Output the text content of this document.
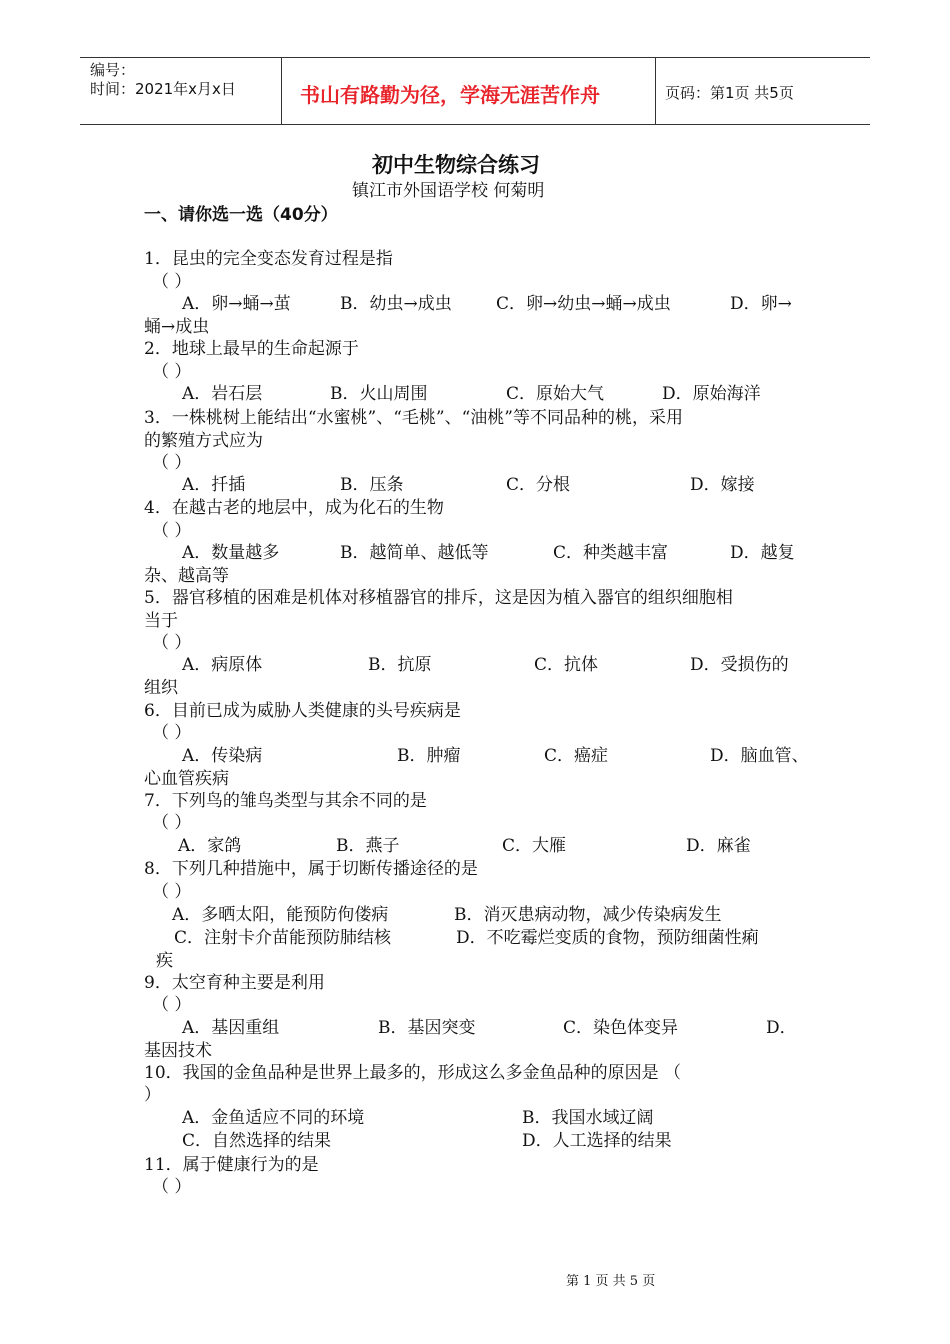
编号：
时间：2021年x月x日	书山有路勤为径，学海无涯苦作舟	页码：第1页 共5页
初中生物综合练习
镇江市外国语学校 何菊明
一、请你选一选（40分）
1．昆虫的完全变态发育过程是指
（ ）
A．卵→蛹→茧	B．幼虫→成虫	C．卵→幼虫→蛹→成虫	D．卵→
蛹→成虫
2．地球上最早的生命起源于
（ ）
A．岩石层	B．火山周围	C．原始大气	D．原始海洋
3．一株桃树上能结出“水蜜桃”、“毛桃”、“油桃”等不同品种的桃，采用
的繁殖方式应为
（ ）
A．扦插	B．压条	C．分根	D．嫁接
4．在越古老的地层中，成为化石的生物
（ ）
A．数量越多	B．越简单、越低等	C．种类越丰富	D．越复
杂、越高等
5．器官移植的困难是机体对移植器官的排斥，这是因为植入器官的组织细胞相
当于
（ ）
A．病原体	B．抗原	C．抗体	D．受损伤的
组织
6．目前已成为威胁人类健康的头号疾病是
（ ）
A．传染病	B．肿瘤	C．癌症	D．脑血管、
心血管疾病
7．下列鸟的雏鸟类型与其余不同的是
（ ）
A．家鸽	B．燕子	C．大雁	D．麻雀
8．下列几种措施中，属于切断传播途径的是
（ ）
A．多晒太阳，能预防佝偻病	B．消灭患病动物，减少传染病发生
C．注射卡介苗能预防肺结核	D．不吃霉烂变质的食物，预防细菌性痢
疾
9．太空育种主要是利用
（ ）
A．基因重组	B．基因突变	C．染色体变异	D．
基因技术
10．我国的金鱼品种是世界上最多的，形成这么多金鱼品种的原因是 （
）
A．金鱼适应不同的环境	B．我国水域辽阔
C．自然选择的结果	D．人工选择的结果
11．属于健康行为的是
（ ）
第 1 页 共 5 页
